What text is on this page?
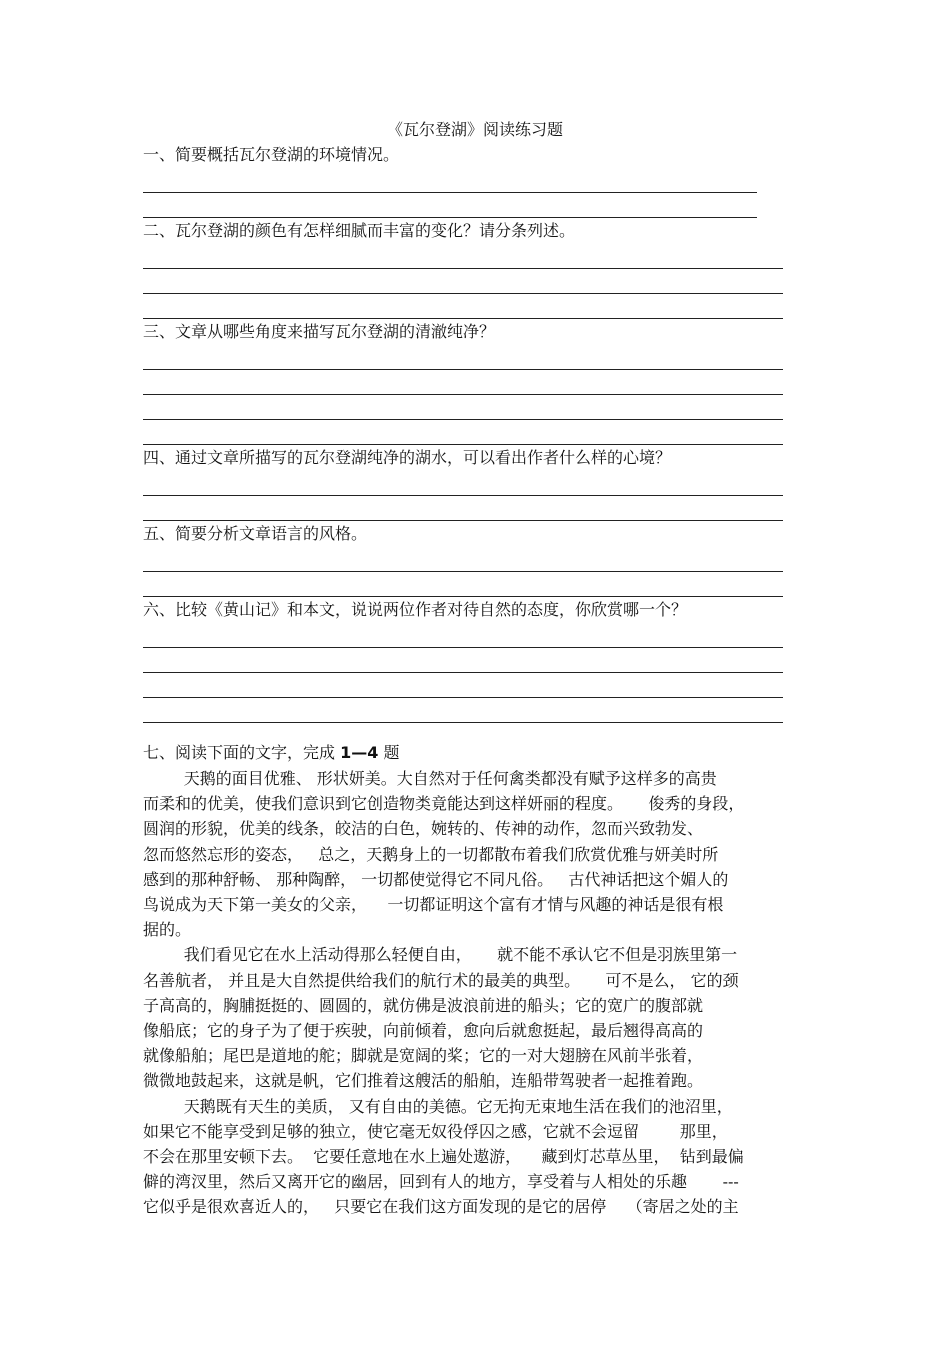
《瓦尔登湖》阅读练习题
一、简要概括瓦尔登湖的环境情况。
二、瓦尔登湖的颜色有怎样细腻而丰富的变化？请分条列述。
三、文章从哪些角度来描写瓦尔登湖的清澈纯净？
四、通过文章所描写的瓦尔登湖纯净的湖水，可以看出作者什么样的心境？
五、简要分析文章语言的风格。
六、比较《黄山记》和本文，说说两位作者对待自然的态度，你欣赏哪一个？
七、阅读下面的文字，完成 1—4 题
天鹅的面目优雅、 形状妍美。大自然对于任何禽类都没有赋予这样多的高贵
而柔和的优美，使我们意识到它创造物类竟能达到这样妍丽的程度。     俊秀的身段，
圆润的形貌，优美的线条，皎洁的白色，婉转的、传神的动作，忽而兴致勃发、
忽而悠然忘形的姿态，   总之，天鹅身上的一切都散布着我们欣赏优雅与妍美时所
感到的那种舒畅、 那种陶醉， 一切都使觉得它不同凡俗。   古代神话把这个媚人的
鸟说成为天下第一美女的父亲，    一切都证明这个富有才情与风趣的神话是很有根
据的。
我们看见它在水上活动得那么轻便自由，     就不能不承认它不但是羽族里第一
名善航者， 并且是大自然提供给我们的航行术的最美的典型。     可不是么， 它的颈
子高高的，胸脯挺挺的、圆圆的，就仿佛是波浪前进的船头；它的宽广的腹部就
像船底；它的身子为了便于疾驶，向前倾着，愈向后就愈挺起，最后翘得高高的
就像船舶；尾巴是道地的舵；脚就是宽阔的桨；它的一对大翅膀在风前半张着，
微微地鼓起来，这就是帆，它们推着这艘活的船舶，连船带驾驶者一起推着跑。
天鹅既有天生的美质， 又有自由的美德。它无拘无束地生活在我们的池沼里，
如果它不能享受到足够的独立，使它毫无奴役俘囚之感，它就不会逗留        那里，
不会在那里安顿下去。  它要任意地在水上遍处遨游，    藏到灯芯草丛里，  钻到最偏
僻的湾汊里，然后又离开它的幽居，回到有人的地方，享受着与人相处的乐趣       ---
它似乎是很欢喜近人的，   只要它在我们这方面发现的是它的居停    （寄居之处的主
